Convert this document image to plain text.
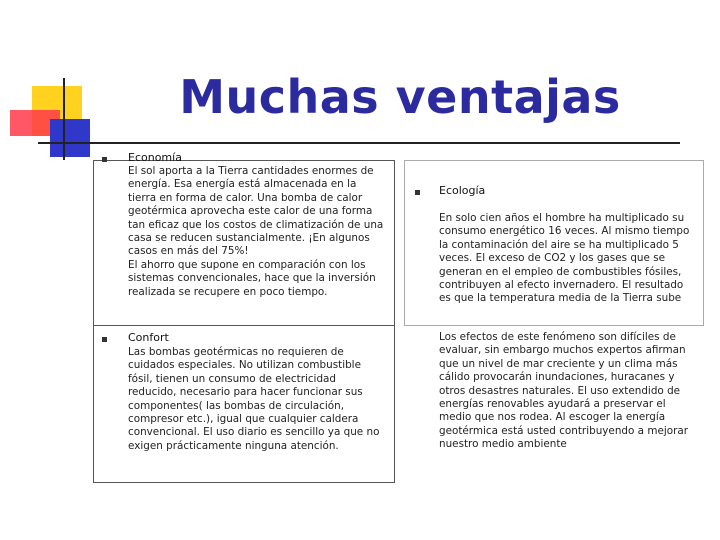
Muchas ventajas
Economía
El sol aporta a la Tierra cantidades enormes de
energía. Esa energía está almacenada en la
tierra en forma de calor. Una bomba de calor
geotérmica aprovecha este calor de una forma
tan eficaz que los costos de climatización de una
casa se reducen sustancialmente. ¡En algunos
casos en más del 75%!
El ahorro que supone en comparación con los
sistemas convencionales, hace que la inversión
realizada se recupere en poco tiempo.
Confort
Las bombas geotérmicas no requieren de
cuidados especiales. No utilizan combustible
fósil, tienen un consumo de electricidad
reducido, necesario para hacer funcionar sus
componentes( las bombas de circulación,
compresor etc.), igual que cualquier caldera
convencional. El uso diario es sencillo ya que no
exigen prácticamente ninguna atención.
Ecología
En solo cien años el hombre ha multiplicado su
consumo energético 16 veces. Al mismo tiempo
la contaminación del aire se ha multiplicado 5
veces. El exceso de CO2 y los gases que se
generan en el empleo de combustibles fósiles,
contribuyen al efecto invernadero. El resultado
es que la temperatura media de la Tierra sube
Los efectos de este fenómeno son difíciles de
evaluar, sin embargo muchos expertos afirman
que un nivel de mar creciente y un clima más
cálido provocarán inundaciones, huracanes y
otros desastres naturales. El uso extendido de
energías renovables ayudará a preservar el
medio que nos rodea. Al escoger la energía
geotérmica está usted contribuyendo a mejorar
nuestro medio ambiente
